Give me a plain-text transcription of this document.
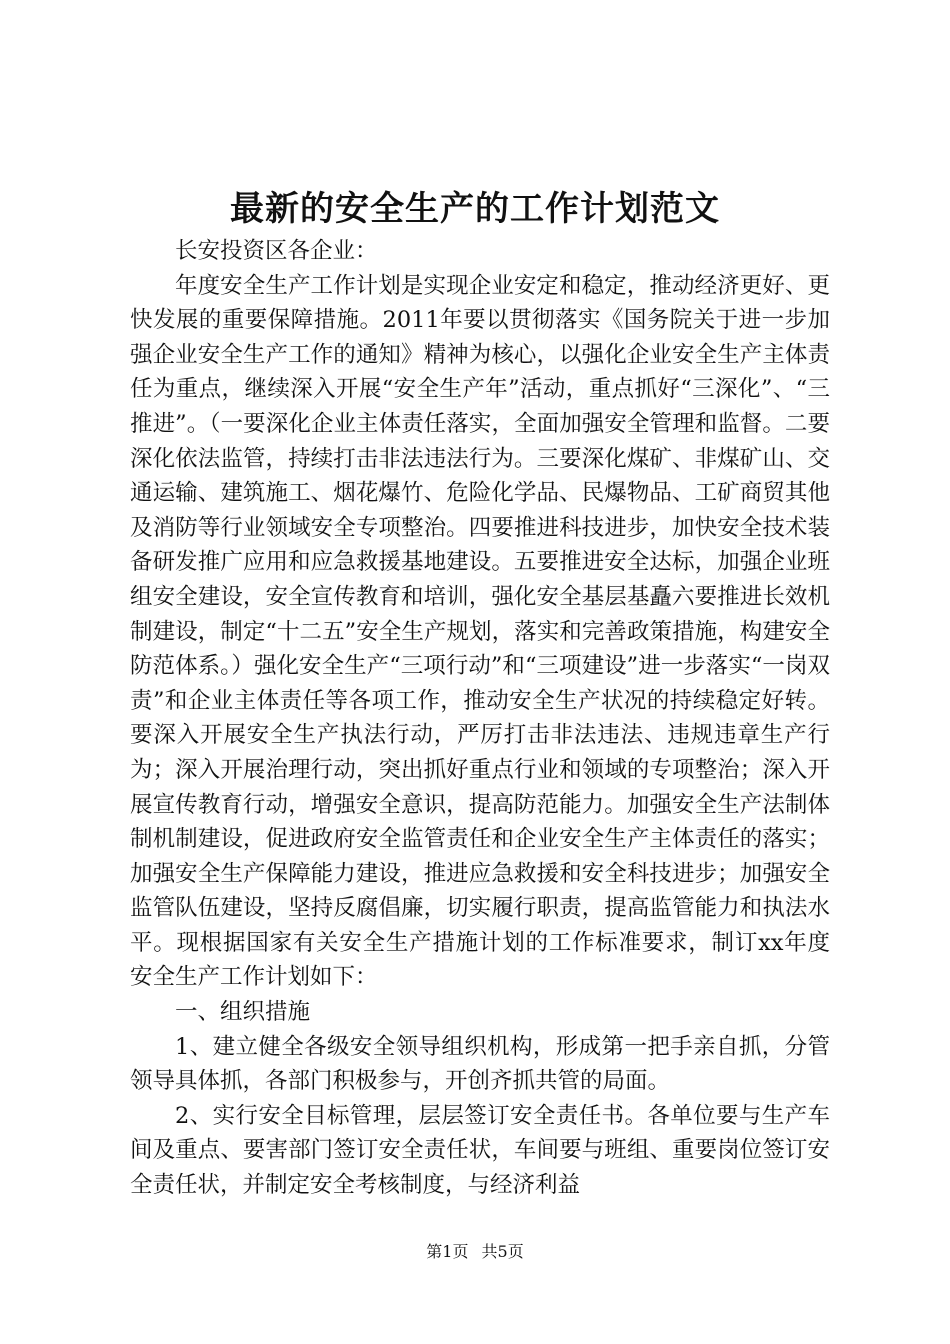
最新的安全生产的工作计划范文

长安投资区各企业：

年度安全生产工作计划是实现企业安定和稳定，推动经济更好、更快发展的重要保障措施。2011年要以贯彻落实《国务院关于进一步加强企业安全生产工作的通知》精神为核心，以强化企业安全生产主体责任为重点，继续深入开展“安全生产年”活动，重点抓好“三深化”、“三推进”。（一要深化企业主体责任落实，全面加强安全管理和监督。二要深化依法监管，持续打击非法违法行为。三要深化煤矿、非煤矿山、交通运输、建筑施工、烟花爆竹、危险化学品、民爆物品、工矿商贸其他及消防等行业领域安全专项整治。四要推进科技进步，加快安全技术装备研发推广应用和应急救援基地建设。五要推进安全达标，加强企业班组安全建设，安全宣传教育和培训，强化安全基层基矗六要推进长效机制建设，制定“十二五”安全生产规划，落实和完善政策措施，构建安全防范体系。）强化安全生产“三项行动”和“三项建设”进一步落实“一岗双责”和企业主体责任等各项工作，推动安全生产状况的持续稳定好转。要深入开展安全生产执法行动，严厉打击非法违法、违规违章生产行为；深入开展治理行动，突出抓好重点行业和领域的专项整治；深入开展宣传教育行动，增强安全意识，提高防范能力。加强安全生产法制体制机制建设，促进政府安全监管责任和企业安全生产主体责任的落实；加强安全生产保障能力建设，推进应急救援和安全科技进步；加强安全监管队伍建设，坚持反腐倡廉，切实履行职责，提高监管能力和执法水平。现根据国家有关安全生产措施计划的工作标准要求，制订xx年度安全生产工作计划如下：

一、组织措施

1、建立健全各级安全领导组织机构，形成第一把手亲自抓，分管领导具体抓，各部门积极参与，开创齐抓共管的局面。

2、实行安全目标管理，层层签订安全责任书。各单位要与生产车间及重点、要害部门签订安全责任状，车间要与班组、重要岗位签订安全责任状，并制定安全考核制度，与经济利益

第1页 共5页
